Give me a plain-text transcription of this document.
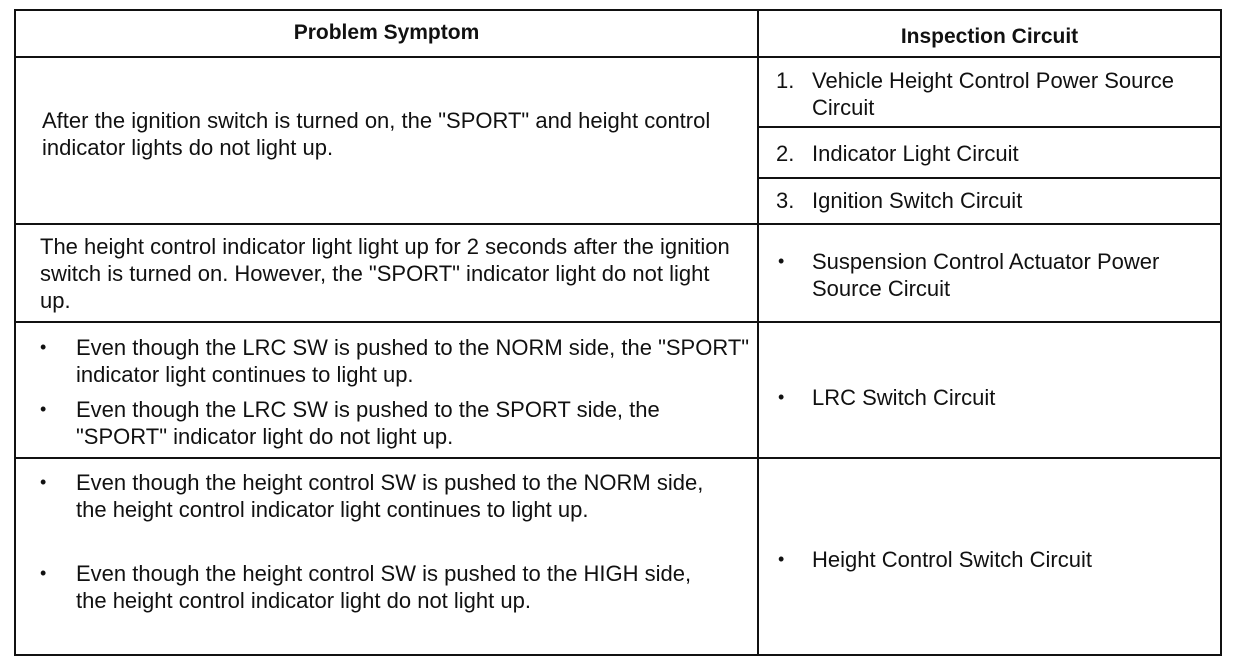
Problem Symptom	Inspection Circuit
After the ignition switch is turned on, the "SPORT" and height control indicator lights do not light up.
1. Vehicle Height Control Power Source Circuit
2. Indicator Light Circuit
3. Ignition Switch Circuit
The height control indicator light light up for 2 seconds after the ignition switch is turned on. However, the "SPORT" indicator light do not light up.
• Suspension Control Actuator Power Source Circuit
• Even though the LRC SW is pushed to the NORM side, the "SPORT" indicator light continues to light up.
• Even though the LRC SW is pushed to the SPORT side, the "SPORT" indicator light do not light up.
• LRC Switch Circuit
• Even though the height control SW is pushed to the NORM side, the height control indicator light continues to light up.
• Even though the height control SW is pushed to the HIGH side, the height control indicator light do not light up.
• Height Control Switch Circuit
